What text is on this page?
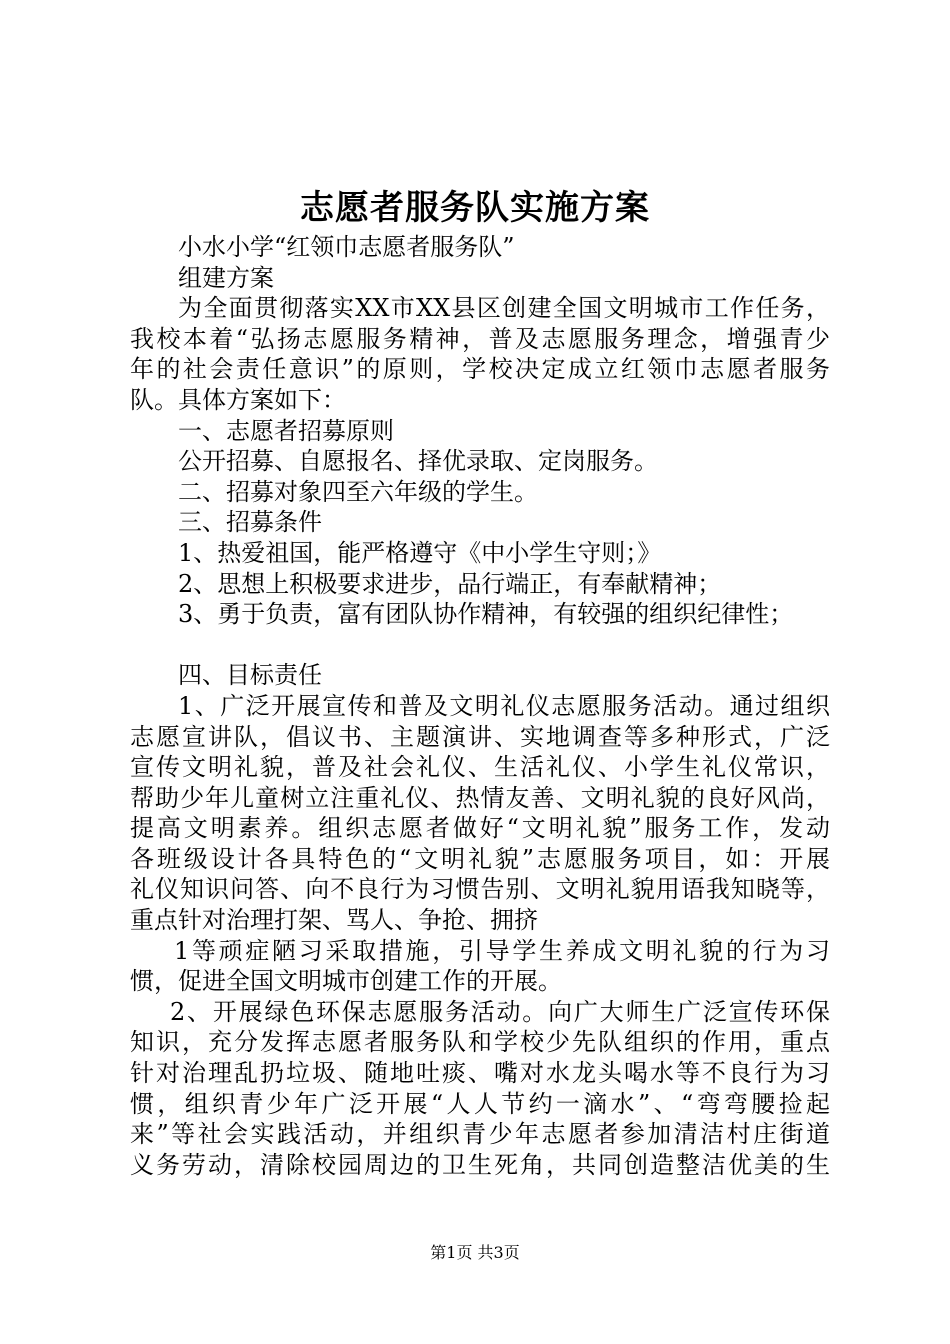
志愿者服务队实施方案
小水小学“红领巾志愿者服务队”
组建方案
为全面贯彻落实XX市XX县区创建全国文明城市工作任务，
我校本着“弘扬志愿服务精神，普及志愿服务理念，增强青少
年的社会责任意识”的原则，学校决定成立红领巾志愿者服务
队。具体方案如下：
一、志愿者招募原则
公开招募、自愿报名、择优录取、定岗服务。
二、招募对象四至六年级的学生。
三、招募条件
1、热爱祖国，能严格遵守《中小学生守则；》
2、思想上积极要求进步，品行端正，有奉献精神；
3、勇于负责，富有团队协作精神，有较强的组织纪律性；
四、目标责任
1、广泛开展宣传和普及文明礼仪志愿服务活动。通过组织
志愿宣讲队，倡议书、主题演讲、实地调查等多种形式，广泛
宣传文明礼貌，普及社会礼仪、生活礼仪、小学生礼仪常识，
帮助少年儿童树立注重礼仪、热情友善、文明礼貌的良好风尚，
提高文明素养。组织志愿者做好“文明礼貌”服务工作，发动
各班级设计各具特色的“文明礼貌”志愿服务项目，如：开展
礼仪知识问答、向不良行为习惯告别、文明礼貌用语我知晓等，
重点针对治理打架、骂人、争抢、拥挤
1等顽症陋习采取措施，引导学生养成文明礼貌的行为习
惯，促进全国文明城市创建工作的开展。
2、开展绿色环保志愿服务活动。向广大师生广泛宣传环保
知识，充分发挥志愿者服务队和学校少先队组织的作用，重点
针对治理乱扔垃圾、随地吐痰、嘴对水龙头喝水等不良行为习
惯，组织青少年广泛开展“人人节约一滴水”、“弯弯腰捡起
来”等社会实践活动，并组织青少年志愿者参加清洁村庄街道
义务劳动，清除校园周边的卫生死角，共同创造整洁优美的生
第1页 共3页
